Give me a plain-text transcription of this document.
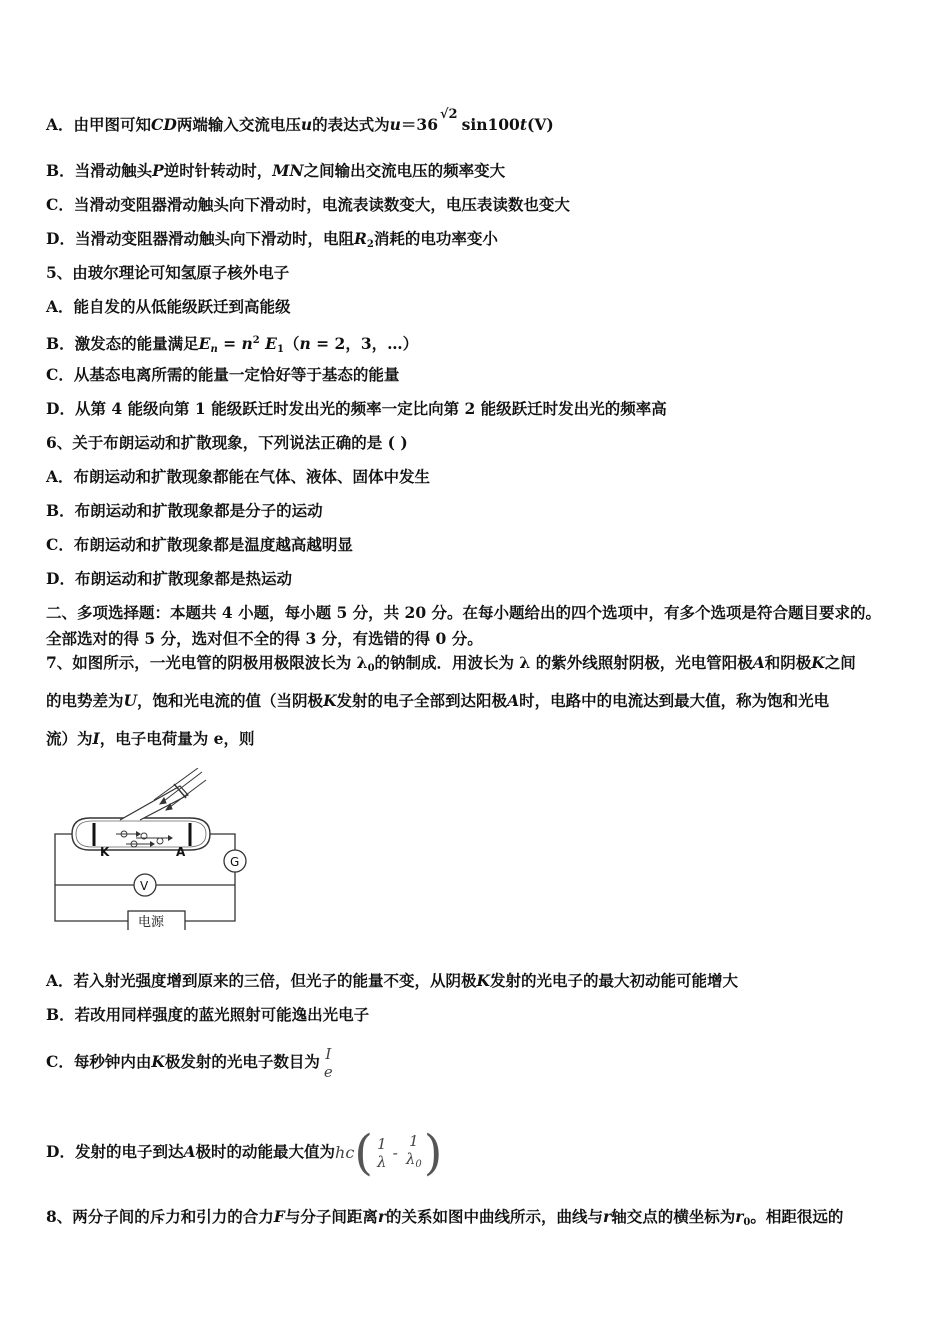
A．由甲图可知CD两端输入交流电压u的表达式为u＝36√2sin100t(V)
B．当滑动触头P逆时针转动时，MN之间输出交流电压的频率变大
C．当滑动变阻器滑动触头向下滑动时，电流表读数变大，电压表读数也变大
D．当滑动变阻器滑动触头向下滑动时，电阻$R_2$消耗的电功率变小
5、由玻尔理论可知氢原子核外电子
A．能自发的从低能级跃迁到高能级
B．激发态的能量满足$E_n = n^2$ $E_1(n = 2$，3，…）
C．从基态电离所需的能量一定恰好等于基态的能量
D．从第 4 能级向第 1 能级跃迁时发出光的频率一定比向第 2 能级跃迁时发出光的频率高
6、关于布朗运动和扩散现象，下列说法正确的是 ( )
A．布朗运动和扩散现象都能在气体、液体、固体中发生
B．布朗运动和扩散现象都是分子的运动
C．布朗运动和扩散现象都是温度越高越明显
D．布朗运动和扩散现象都是热运动
二、多项选择题：本题共 4 小题，每小题 5 分，共 20 分。在每小题给出的四个选项中，有多个选项是符合题目要求的。
全部选对的得 5 分，选对但不全的得 3 分，有选错的得 0 分。
7、如图所示，一光电管的阴极用极限波长为 $\lambda_0$的钠制成．用波长为 λ 的紫外线照射阴极，光电管阳极A和阴极K之间
的电势差为U，饱和光电流的值（当阴极K发射的电子全部到达阳极A时，电路中的电流达到最大值，称为饱和光电
流）为I，电子电荷量为 e，则
K	A
G
V
电源
A．若入射光强度增到原来的三倍，但光子的能量不变，从阴极K发射的光电子的最大初动能可能增大
B．若改用同样强度的蓝光照射可能逸出光电子
C．每秒钟内由K极发射的光电子数目为 I
e
D．发射的电子到达A极时的动能最大值为hc( 1
λ -
1
$\lambda_0$ )
8、两分子间的斥力和引力的合力F与分子间距离r的关系如图中曲线所示，曲线与r轴交点的横坐标为$r_0$。相距很远的
